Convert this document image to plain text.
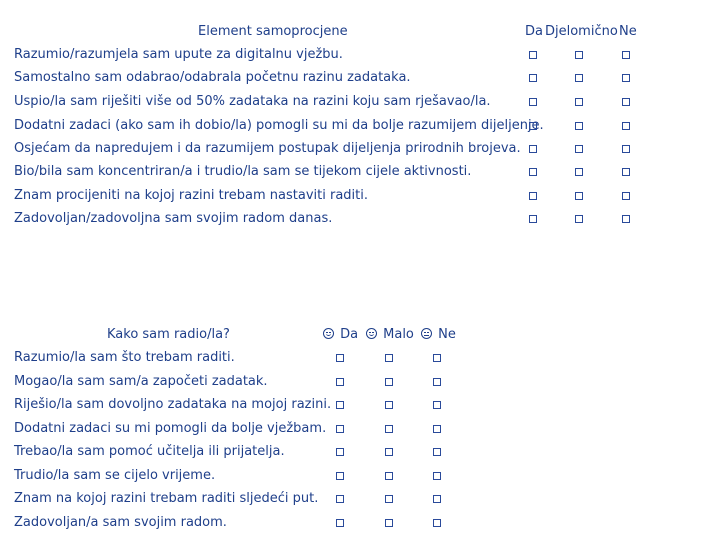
Element samoprocjene	Da Djelomično Ne
Razumio/razumjela sam upute za digitalnu vježbu.
Samostalno sam odabrao/odabrala početnu razinu zadataka.
Uspio/la sam riješiti više od 50% zadataka na razini koju sam rješavao/la.
Dodatni zadaci (ako sam ih dobio/la) pomogli su mi da bolje razumijem dijeljenje.
Osjećam da napredujem i da razumijem postupak dijeljenja prirodnih brojeva.
Bio/bila sam koncentriran/a i trudio/la sam se tijekom cijele aktivnosti.
Znam procijeniti na kojoj razini trebam nastaviti raditi.
Zadovoljan/zadovoljna sam svojim radom danas.
Kako sam radio/la?	Da	Malo	Ne
Razumio/la sam što trebam raditi.
Mogao/la sam sam/a započeti zadatak.
Riješio/la sam dovoljno zadataka na mojoj razini.
Dodatni zadaci su mi pomogli da bolje vježbam.
Trebao/la sam pomoć učitelja ili prijatelja.
Trudio/la sam se cijelo vrijeme.
Znam na kojoj razini trebam raditi sljedeći put.
Zadovoljan/a sam svojim radom.
